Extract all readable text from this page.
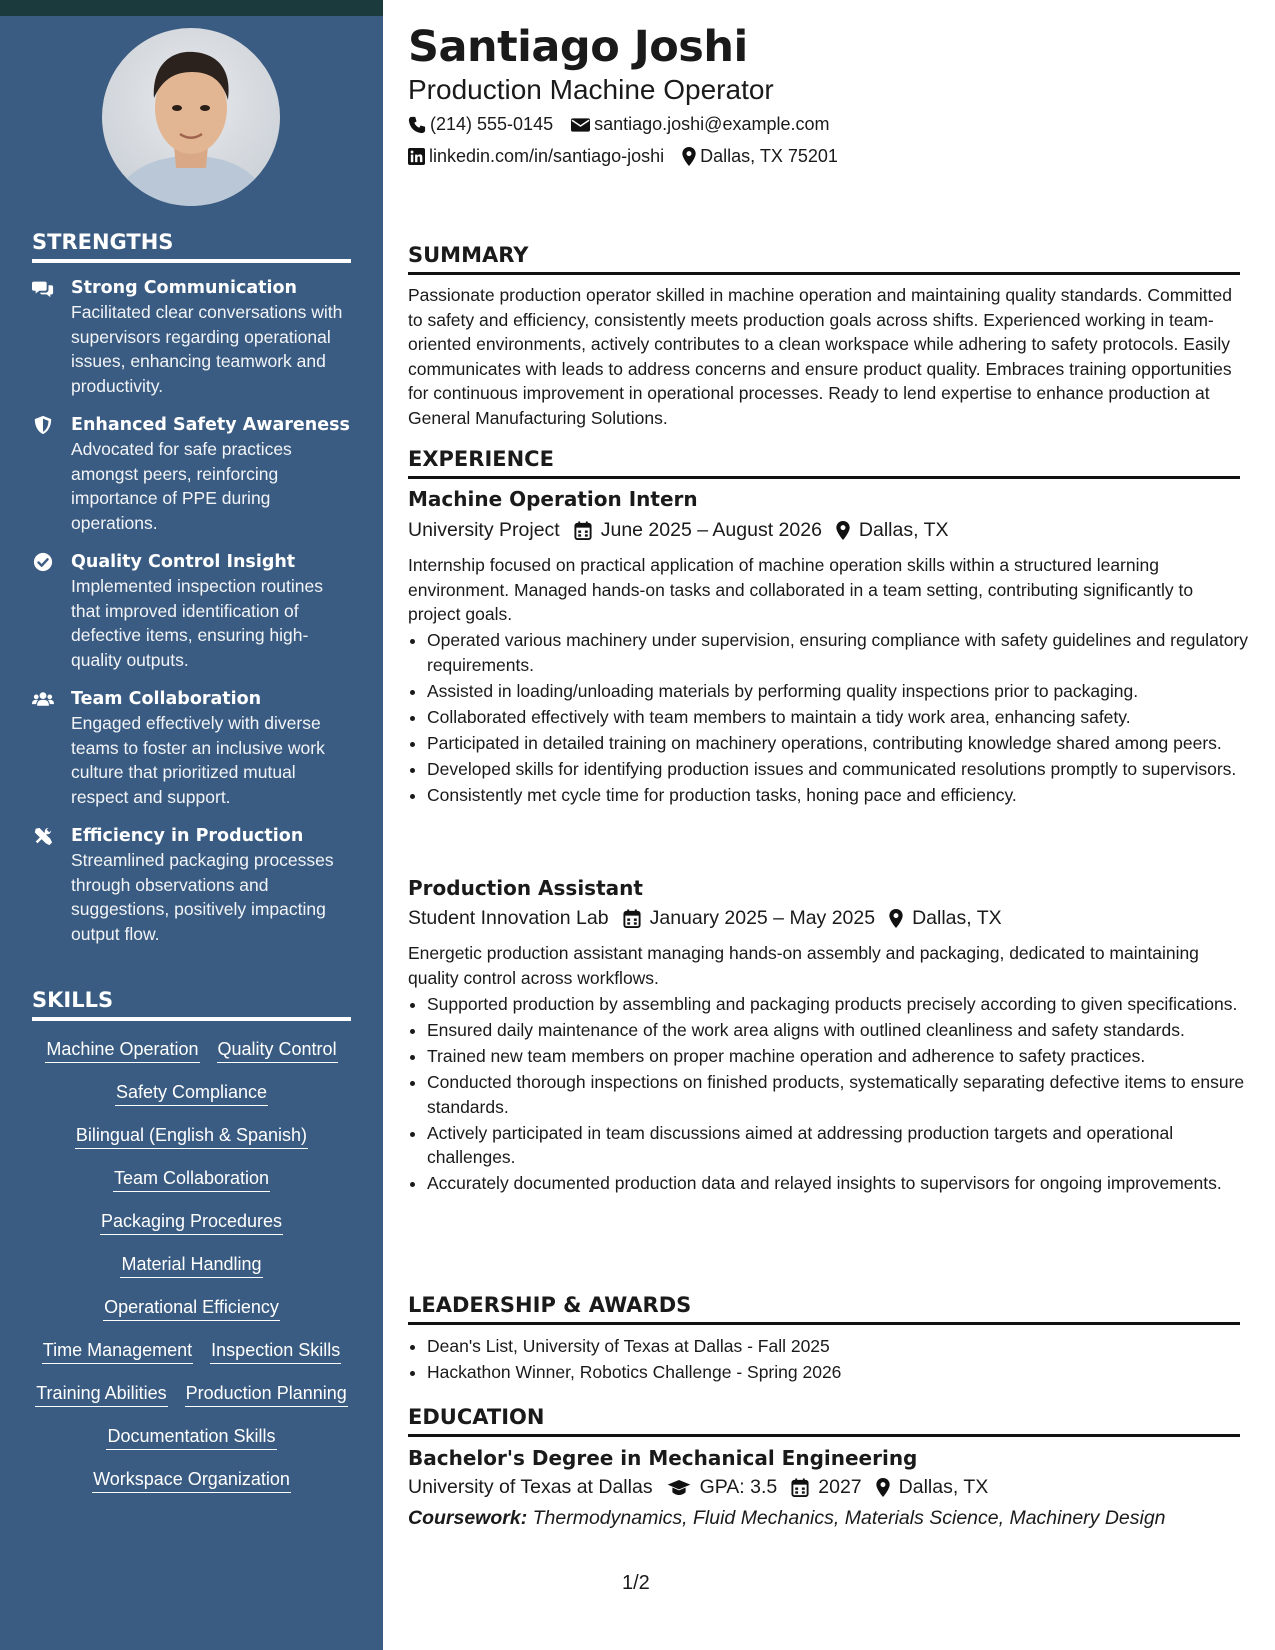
STRENGTHS
Strong Communication
Facilitated clear conversations with supervisors regarding operational issues, enhancing teamwork and productivity.
Enhanced Safety Awareness
Advocated for safe practices amongst peers, reinforcing importance of PPE during operations.
Quality Control Insight
Implemented inspection routines that improved identification of defective items, ensuring high-quality outputs.
Team Collaboration
Engaged effectively with diverse teams to foster an inclusive work culture that prioritized mutual respect and support.
Efficiency in Production
Streamlined packaging processes through observations and suggestions, positively impacting output flow.
SKILLS
Machine Operation Quality Control
Safety Compliance
Bilingual (English & Spanish)
Team Collaboration
Packaging Procedures
Material Handling
Operational Efficiency
Time Management Inspection Skills
Training Abilities Production Planning
Documentation Skills
Workspace Organization
Santiago Joshi
Production Machine Operator
(214) 555-0145 santiago.joshi@example.com
linkedin.com/in/santiago-joshi Dallas, TX 75201
SUMMARY
Passionate production operator skilled in machine operation and maintaining quality standards. Committed to safety and efficiency, consistently meets production goals across shifts. Experienced working in team-oriented environments, actively contributes to a clean workspace while adhering to safety protocols. Easily communicates with leads to address concerns and ensure product quality. Embraces training opportunities for continuous improvement in operational processes. Ready to lend expertise to enhance production at General Manufacturing Solutions.
EXPERIENCE
Machine Operation Intern
University Project June 2025 – August 2026 Dallas, TX
Internship focused on practical application of machine operation skills within a structured learning environment. Managed hands-on tasks and collaborated in a team setting, contributing significantly to project goals.
• Operated various machinery under supervision, ensuring compliance with safety guidelines and regulatory requirements.
• Assisted in loading/unloading materials by performing quality inspections prior to packaging.
• Collaborated effectively with team members to maintain a tidy work area, enhancing safety.
• Participated in detailed training on machinery operations, contributing knowledge shared among peers.
• Developed skills for identifying production issues and communicated resolutions promptly to supervisors.
• Consistently met cycle time for production tasks, honing pace and efficiency.
Production Assistant
Student Innovation Lab January 2025 – May 2025 Dallas, TX
Energetic production assistant managing hands-on assembly and packaging, dedicated to maintaining quality control across workflows.
• Supported production by assembling and packaging products precisely according to given specifications.
• Ensured daily maintenance of the work area aligns with outlined cleanliness and safety standards.
• Trained new team members on proper machine operation and adherence to safety practices.
• Conducted thorough inspections on finished products, systematically separating defective items to ensure standards.
• Actively participated in team discussions aimed at addressing production targets and operational challenges.
• Accurately documented production data and relayed insights to supervisors for ongoing improvements.
LEADERSHIP & AWARDS
• Dean's List, University of Texas at Dallas - Fall 2025
• Hackathon Winner, Robotics Challenge - Spring 2026
EDUCATION
Bachelor's Degree in Mechanical Engineering
University of Texas at Dallas GPA: 3.5 2027 Dallas, TX
Coursework: Thermodynamics, Fluid Mechanics, Materials Science, Machinery Design
1/2
